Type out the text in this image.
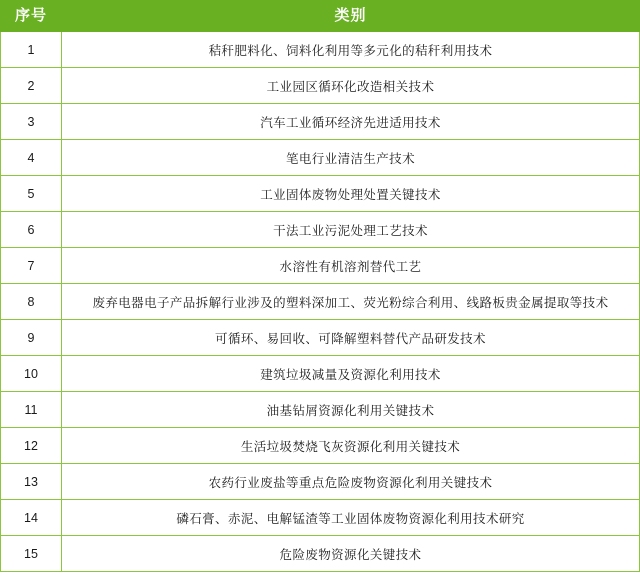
序号	类别
1	秸秆肥料化、饲料化利用等多元化的秸秆利用技术
2	工业园区循环化改造相关技术
3	汽车工业循环经济先进适用技术
4	笔电行业清洁生产技术
5	工业固体废物处理处置关键技术
6	干法工业污泥处理工艺技术
7	水溶性有机溶剂替代工艺
8	废弃电器电子产品拆解行业涉及的塑料深加工、荧光粉综合利用、线路板贵金属提取等技术
9	可循环、易回收、可降解塑料替代产品研发技术
10	建筑垃圾减量及资源化利用技术
11	油基钻屑资源化利用关键技术
12	生活垃圾焚烧飞灰资源化利用关键技术
13	农药行业废盐等重点危险废物资源化利用关键技术
14	磷石膏、赤泥、电解锰渣等工业固体废物资源化利用技术研究
15	危险废物资源化关键技术
